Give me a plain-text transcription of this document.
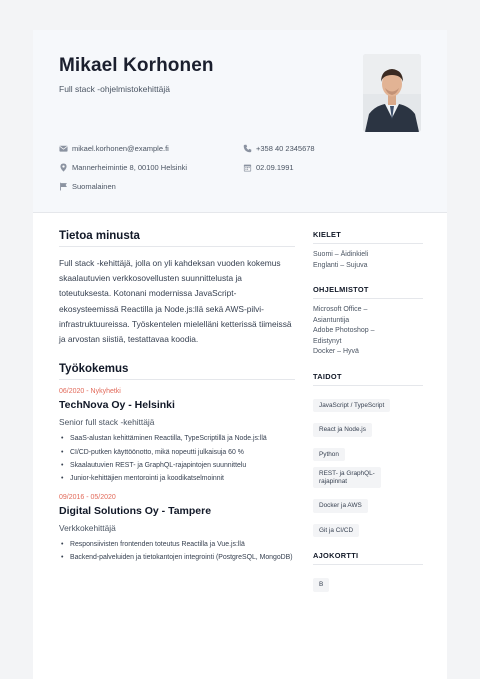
Mikael Korhonen
Full stack -ohjelmistokehittäjä
mikael.korhonen@example.fi	+358 40 2345678
Mannerheimintie 8, 00100 Helsinki	02.09.1991
Suomalainen
Tietoa minusta
Full stack -kehittäjä, jolla on yli kahdeksan vuoden kokemus skaalautuvien verkkosovellusten suunnittelusta ja toteutuksesta. Kotonani modernissa JavaScript-ekosysteemissä Reactilla ja Node.js:llä sekä AWS-pilvi-infrastruktuureissa. Työskentelen mielelläni ketterissä tiimeissä ja arvostan siistiä, testattavaa koodia.
Työkokemus
06/2020 - Nykyhetki
TechNova Oy - Helsinki
Senior full stack -kehittäjä
• SaaS-alustan kehittäminen Reactilla, TypeScriptillä ja Node.js:llä
• CI/CD-putken käyttöönotto, mikä nopeutti julkaisuja 60 %
• Skaalautuvien REST- ja GraphQL-rajapintojen suunnittelu
• Junior-kehittäjien mentorointi ja koodikatselmoinnit
09/2016 - 05/2020
Digital Solutions Oy - Tampere
Verkkokehittäjä
• Responsiivisten frontenden toteutus Reactilla ja Vue.js:llä
• Backend-palveluiden ja tietokantojen integrointi (PostgreSQL, MongoDB)
KIELET
Suomi – Äidinkieli
Englanti – Sujuva
OHJELMISTOT
Microsoft Office –
Asiantuntija
Adobe Photoshop –
Edistynyt
Docker – Hyvä
TAIDOT
JavaScript / TypeScript
React ja Node.js
Python
REST- ja GraphQL-
rajapinnat
Docker ja AWS
Git ja CI/CD
AJOKORTTI
B
